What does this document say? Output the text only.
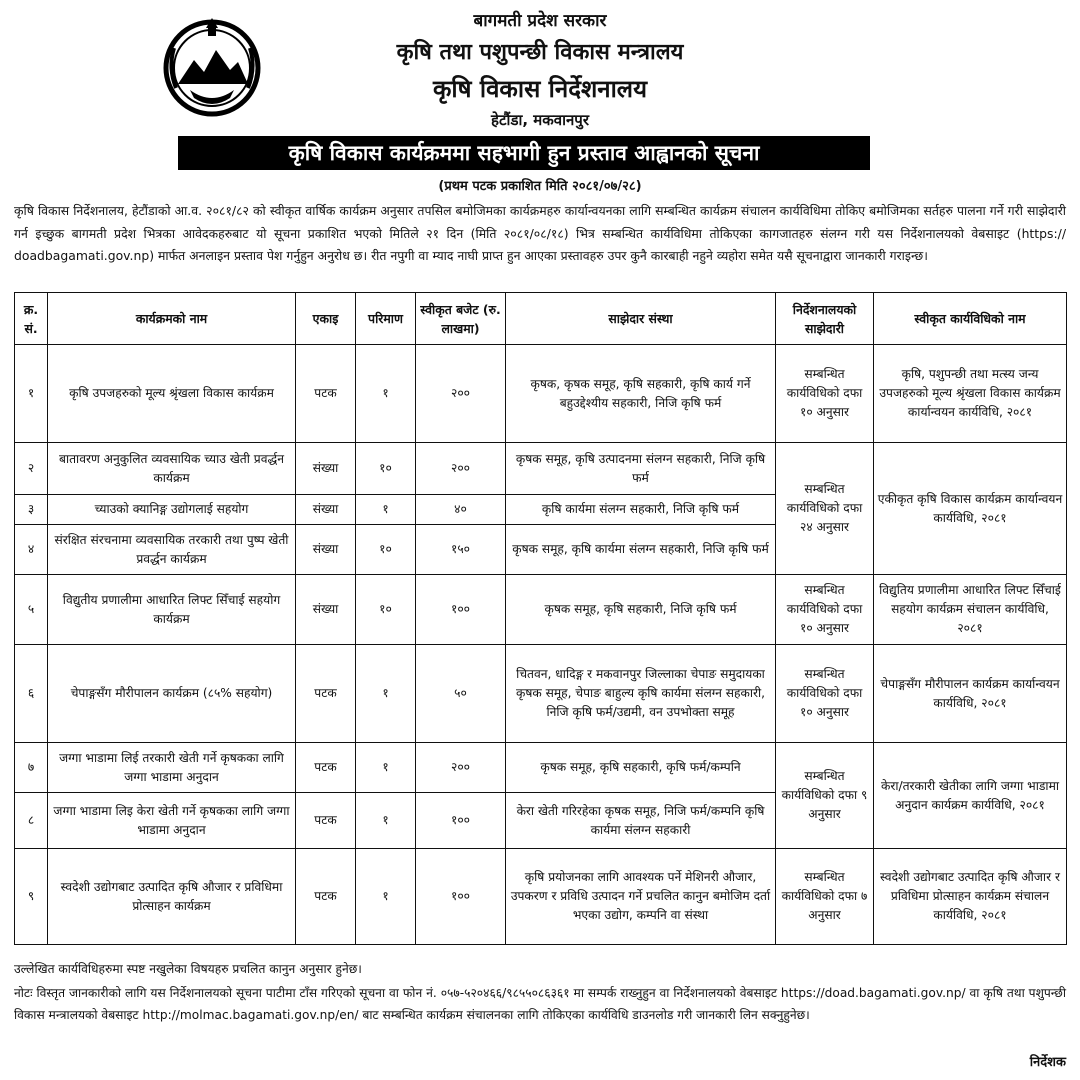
बागमती प्रदेश सरकार
कृषि तथा पशुपन्छी विकास मन्त्रालय
कृषि विकास निर्देशनालय
हेटौंडा, मकवानपुर
कृषि विकास कार्यक्रममा सहभागी हुन प्रस्ताव आह्वानको सूचना
(प्रथम पटक प्रकाशित मिति २०८१/०७/२८)
कृषि विकास निर्देशनालय, हेटौंडाको आ.व. २०८१/८२ को स्वीकृत वार्षिक कार्यक्रम अनुसार तपसिल बमोजिमका कार्यक्रमहरु कार्यान्वयनका लागि सम्बन्धित कार्यक्रम संचालन कार्यविधिमा तोकिए बमोजिमका सर्तहरु पालना गर्ने गरी साझेदारी गर्न इच्छुक बागमती प्रदेश भित्रका आवेदकहरुबाट यो सूचना प्रकाशित भएको मितिले २१ दिन (मिति २०८१/०८/१८) भित्र सम्बन्धित कार्यविधिमा तोकिएका कागजातहरु संलग्न गरी यस निर्देशनालयको वेबसाइट (https:// doadbagamati.gov.np) मार्फत अनलाइन प्रस्ताव पेश गर्नुहुन अनुरोध छ। रीत नपुगी वा म्याद नाघी प्राप्त हुन आएका प्रस्तावहरु उपर कुनै कारबाही नहुने व्यहोरा समेत यसै सूचनाद्वारा जानकारी गराइन्छ।
क्र. सं.	कार्यक्रमको नाम	एकाइ	परिमाण	स्वीकृत बजेट (रु. लाखमा)	साझेदार संस्था	निर्देशनालयको साझेदारी	स्वीकृत कार्यविधिको नाम
१	कृषि उपजहरुको मूल्य श्रृंखला विकास कार्यक्रम	पटक	१	२००	कृषक, कृषक समूह, कृषि सहकारी, कृषि कार्य गर्ने बहुउद्देश्यीय सहकारी, निजि कृषि फर्म	सम्बन्धित कार्यविधिको दफा १० अनुसार	कृषि, पशुपन्छी तथा मत्स्य जन्य उपजहरुको मूल्य श्रृंखला विकास कार्यक्रम कार्यान्वयन कार्यविधि, २०८१
२	बातावरण अनुकुलित व्यवसायिक च्याउ खेती प्रवर्द्धन कार्यक्रम	संख्या	१०	२००	कृषक समूह, कृषि उत्पादनमा संलग्न सहकारी, निजि कृषि फर्म	सम्बन्धित कार्यविधिको दफा २४ अनुसार	एकीकृत कृषि विकास कार्यक्रम कार्यान्वयन कार्यविधि, २०८१
३	च्याउको क्यानिङ्ग उद्योगलाई सहयोग	संख्या	१	४०	कृषि कार्यमा संलग्न सहकारी, निजि कृषि फर्म		
४	संरक्षित संरचनामा व्यवसायिक तरकारी तथा पुष्प खेती प्रवर्द्धन कार्यक्रम	संख्या	१०	१५०	कृषक समूह, कृषि कार्यमा संलग्न सहकारी, निजि कृषि फर्म		
५	विद्युतीय प्रणालीमा आधारित लिफ्ट सिँचाई सहयोग कार्यक्रम	संख्या	१०	१००	कृषक समूह, कृषि सहकारी, निजि कृषि फर्म	सम्बन्धित कार्यविधिको दफा १० अनुसार	विद्युतिय प्रणालीमा आधारित लिफ्ट सिँचाई सहयोग कार्यक्रम संचालन कार्यविधि, २०८१
६	चेपाङ्गसँग मौरीपालन कार्यक्रम (८५% सहयोग)	पटक	१	५०	चितवन, धादिङ्ग र मकवानपुर जिल्लाका चेपाङ समुदायका कृषक समूह, चेपाङ बाहुल्य कृषि कार्यमा संलग्न सहकारी, निजि कृषि फर्म/उद्यमी, वन उपभोक्ता समूह	सम्बन्धित कार्यविधिको दफा १० अनुसार	चेपाङ्गसँग मौरीपालन कार्यक्रम कार्यान्वयन कार्यविधि, २०८१
७	जग्गा भाडामा लिई तरकारी खेती गर्ने कृषकका लागि जग्गा भाडामा अनुदान	पटक	१	२००	कृषक समूह, कृषि सहकारी, कृषि फर्म/कम्पनि	सम्बन्धित कार्यविधिको दफा ९ अनुसार	केरा/तरकारी खेतीका लागि जग्गा भाडामा अनुदान कार्यक्रम कार्यविधि, २०८१
८	जग्गा भाडामा लिइ केरा खेती गर्ने कृषकका लागि जग्गा भाडामा अनुदान	पटक	१	१००	केरा खेती गरिरहेका कृषक समूह, निजि फर्म/कम्पनि कृषि कार्यमा संलग्न सहकारी		
९	स्वदेशी उद्योगबाट उत्पादित कृषि औजार र प्रविधिमा प्रोत्साहन कार्यक्रम	पटक	१	१००	कृषि प्रयोजनका लागि आवश्यक पर्ने मेशिनरी औजार, उपकरण र प्रविधि उत्पादन गर्ने प्रचलित कानुन बमोजिम दर्ता भएका उद्योग, कम्पनि वा संस्था	सम्बन्धित कार्यविधिको दफा ७ अनुसार	स्वदेशी उद्योगबाट उत्पादित कृषि औजार र प्रविधिमा प्रोत्साहन कार्यक्रम संचालन कार्यविधि, २०८१
उल्लेखित कार्यविधिहरुमा स्पष्ट नखुलेका विषयहरु प्रचलित कानुन अनुसार हुनेछ।
नोटः विस्तृत जानकारीको लागि यस निर्देशनालयको सूचना पाटीमा टाँस गरिएको सूचना वा फोन नं. ०५७-५२०४६६/९८५५०८६३६१ मा सम्पर्क राख्नुहुन वा निर्देशनालयको वेबसाइट https://doad.bagamati.gov.np/ वा कृषि तथा पशुपन्छी विकास मन्त्रालयको वेबसाइट http://molmac.bagamati.gov.np/en/ बाट सम्बन्धित कार्यक्रम संचालनका लागि तोकिएका कार्यविधि डाउनलोड गरी जानकारी लिन सक्नुहुनेछ।
निर्देशक
